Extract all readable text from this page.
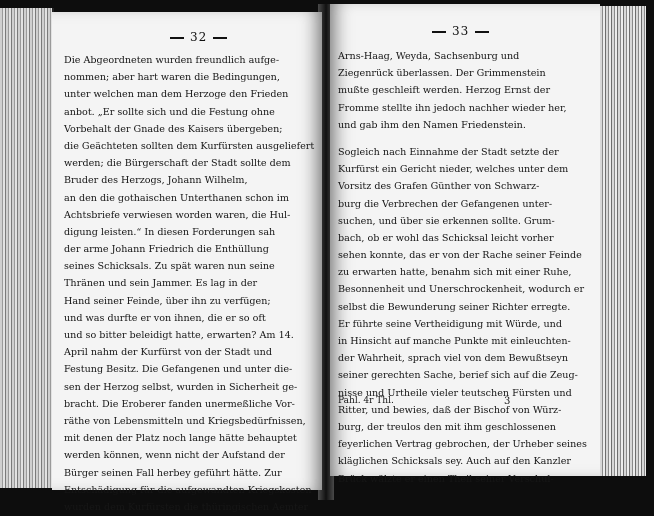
32
Die Abgeordneten wurden freundlich aufge-
nommen; aber hart waren die Bedingungen,
unter welchen man dem Herzoge den Frieden
anbot. „Er sollte sich und die Festung ohne
Vorbehalt der Gnade des Kaisers übergeben;
die Geächteten sollten dem Kurfürsten ausgeliefert
werden; die Bürgerschaft der Stadt sollte dem
Bruder des Herzogs, Johann Wilhelm,
an den die gothaischen Unterthanen schon im
Achtsbriefe verwiesen worden waren, die Hul-
digung leisten.“ In diesen Forderungen sah
der arme Johann Friedrich die Enthüllung
seines Schicksals. Zu spät waren nun seine
Thränen und sein Jammer. Es lag in der
Hand seiner Feinde, über ihn zu verfügen;
und was durfte er von ihnen, die er so oft
und so bitter beleidigt hatte, erwarten? Am 14.
April nahm der Kurfürst von der Stadt und
Festung Besitz. Die Gefangenen und unter die-
sen der Herzog selbst, wurden in Sicherheit ge-
bracht. Die Eroberer fanden unermeßliche Vor-
räthe von Lebensmitteln und Kriegsbedürfnissen,
mit denen der Platz noch lange hätte behauptet
werden können, wenn nicht der Aufstand der
Bürger seinen Fall herbey geführt hätte. Zur
Entschädigung für die aufgewandten Kriegskosten
wurden dem Kurfürsten die thüringischen Aemter
33
Arns-Haag, Weyda, Sachsenburg und
Ziegenrück überlassen. Der Grimmenstein
mußte geschleift werden. Herzog Ernst der
Fromme stellte ihn jedoch nachher wieder her,
und gab ihm den Namen Friedenstein.
Sogleich nach Einnahme der Stadt setzte der
Kurfürst ein Gericht nieder, welches unter dem
Vorsitz des Grafen Günther von Schwarz-
burg die Verbrechen der Gefangenen unter-
suchen, und über sie erkennen sollte. Grum-
bach, ob er wohl das Schicksal leicht vorher
sehen konnte, das er von der Rache seiner Feinde
zu erwarten hatte, benahm sich mit einer Ruhe,
Besonnenheit und Unerschrockenheit, wodurch er
selbst die Bewunderung seiner Richter erregte.
Er führte seine Vertheidigung mit Würde, und
in Hinsicht auf manche Punkte mit einleuchten-
der Wahrheit, sprach viel von dem Bewußtseyn
seiner gerechten Sache, berief sich auf die Zeug-
nisse und Urtheile vieler teutschen Fürsten und
Ritter, und bewies, daß der Bischof von Würz-
burg, der treulos den mit ihm geschlossenen
feyerlichen Vertrag gebrochen, der Urheber seines
kläglichen Schicksals sey. Auch auf den Kanzler
Brück wälzte er einen Theil seiner Verschul-
Pahl. 4r Thl.	3
